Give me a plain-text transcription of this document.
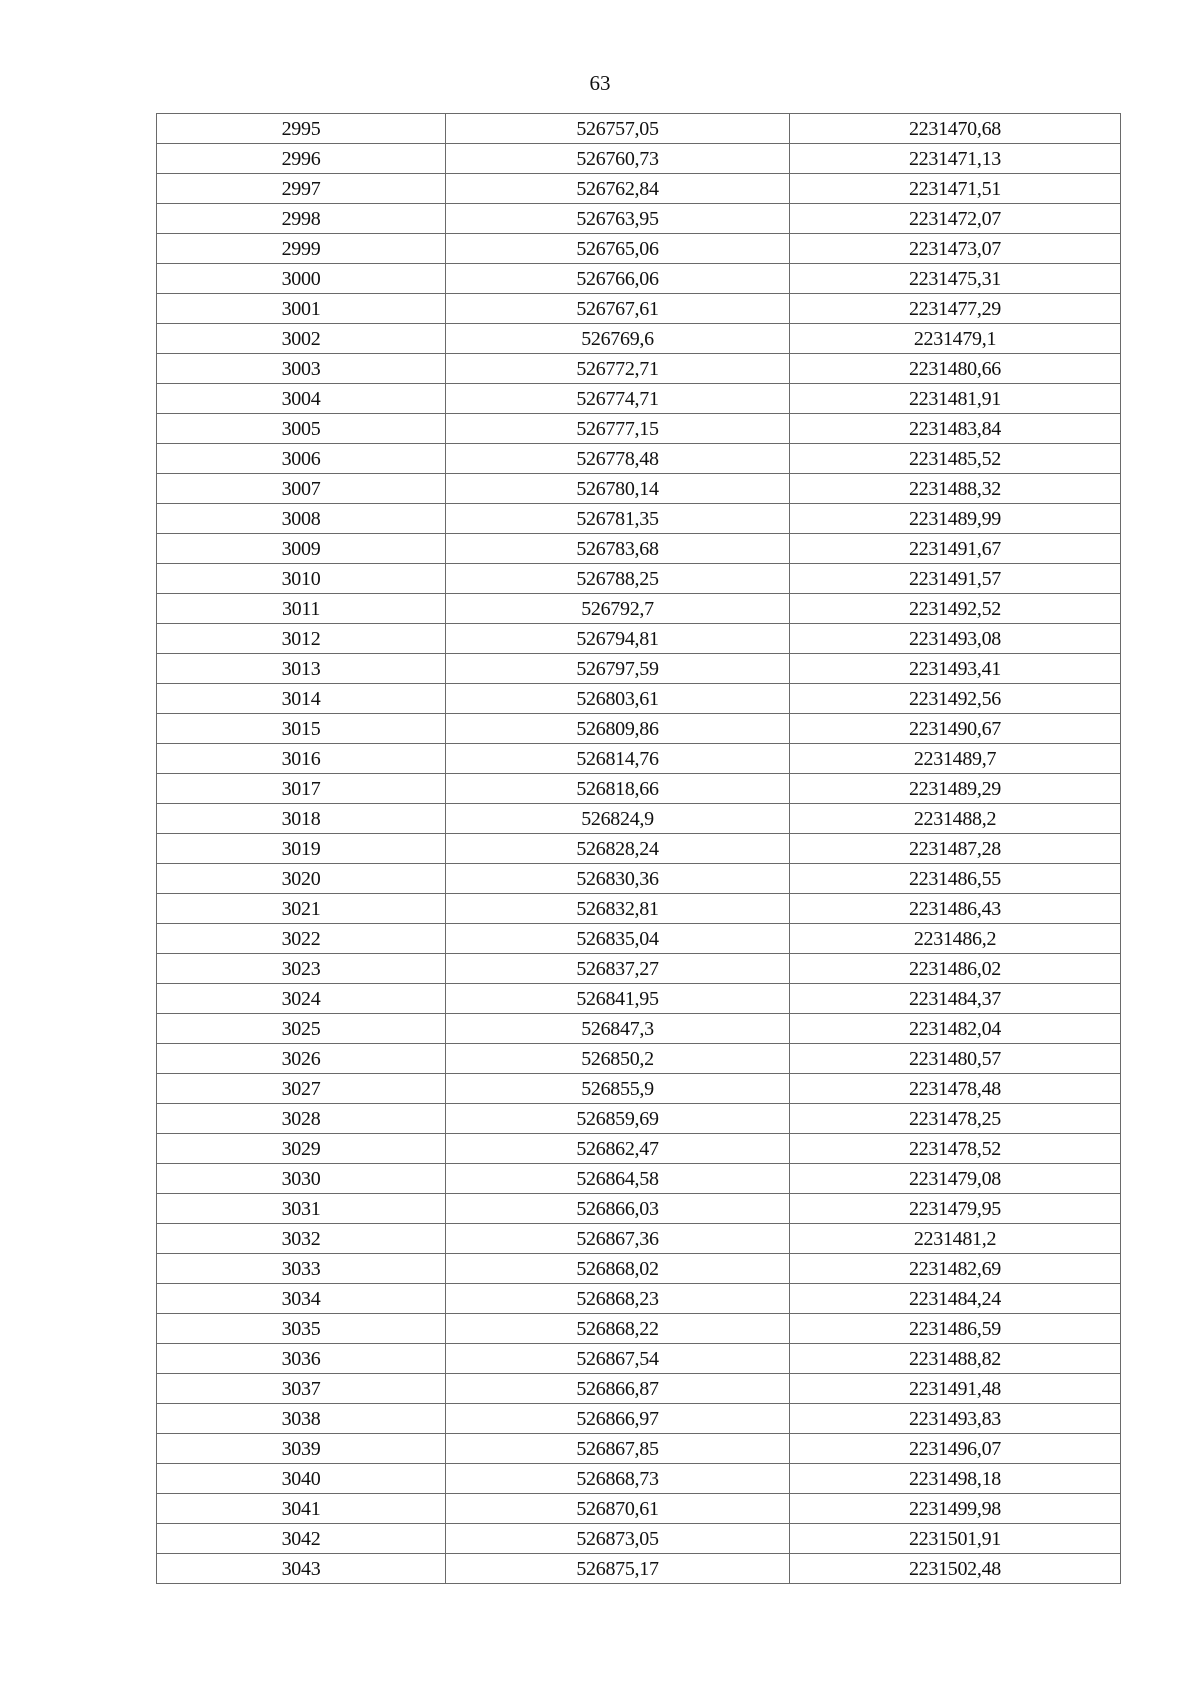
63
2995	526757,05	2231470,68
2996	526760,73	2231471,13
2997	526762,84	2231471,51
2998	526763,95	2231472,07
2999	526765,06	2231473,07
3000	526766,06	2231475,31
3001	526767,61	2231477,29
3002	526769,6	2231479,1
3003	526772,71	2231480,66
3004	526774,71	2231481,91
3005	526777,15	2231483,84
3006	526778,48	2231485,52
3007	526780,14	2231488,32
3008	526781,35	2231489,99
3009	526783,68	2231491,67
3010	526788,25	2231491,57
3011	526792,7	2231492,52
3012	526794,81	2231493,08
3013	526797,59	2231493,41
3014	526803,61	2231492,56
3015	526809,86	2231490,67
3016	526814,76	2231489,7
3017	526818,66	2231489,29
3018	526824,9	2231488,2
3019	526828,24	2231487,28
3020	526830,36	2231486,55
3021	526832,81	2231486,43
3022	526835,04	2231486,2
3023	526837,27	2231486,02
3024	526841,95	2231484,37
3025	526847,3	2231482,04
3026	526850,2	2231480,57
3027	526855,9	2231478,48
3028	526859,69	2231478,25
3029	526862,47	2231478,52
3030	526864,58	2231479,08
3031	526866,03	2231479,95
3032	526867,36	2231481,2
3033	526868,02	2231482,69
3034	526868,23	2231484,24
3035	526868,22	2231486,59
3036	526867,54	2231488,82
3037	526866,87	2231491,48
3038	526866,97	2231493,83
3039	526867,85	2231496,07
3040	526868,73	2231498,18
3041	526870,61	2231499,98
3042	526873,05	2231501,91
3043	526875,17	2231502,48
